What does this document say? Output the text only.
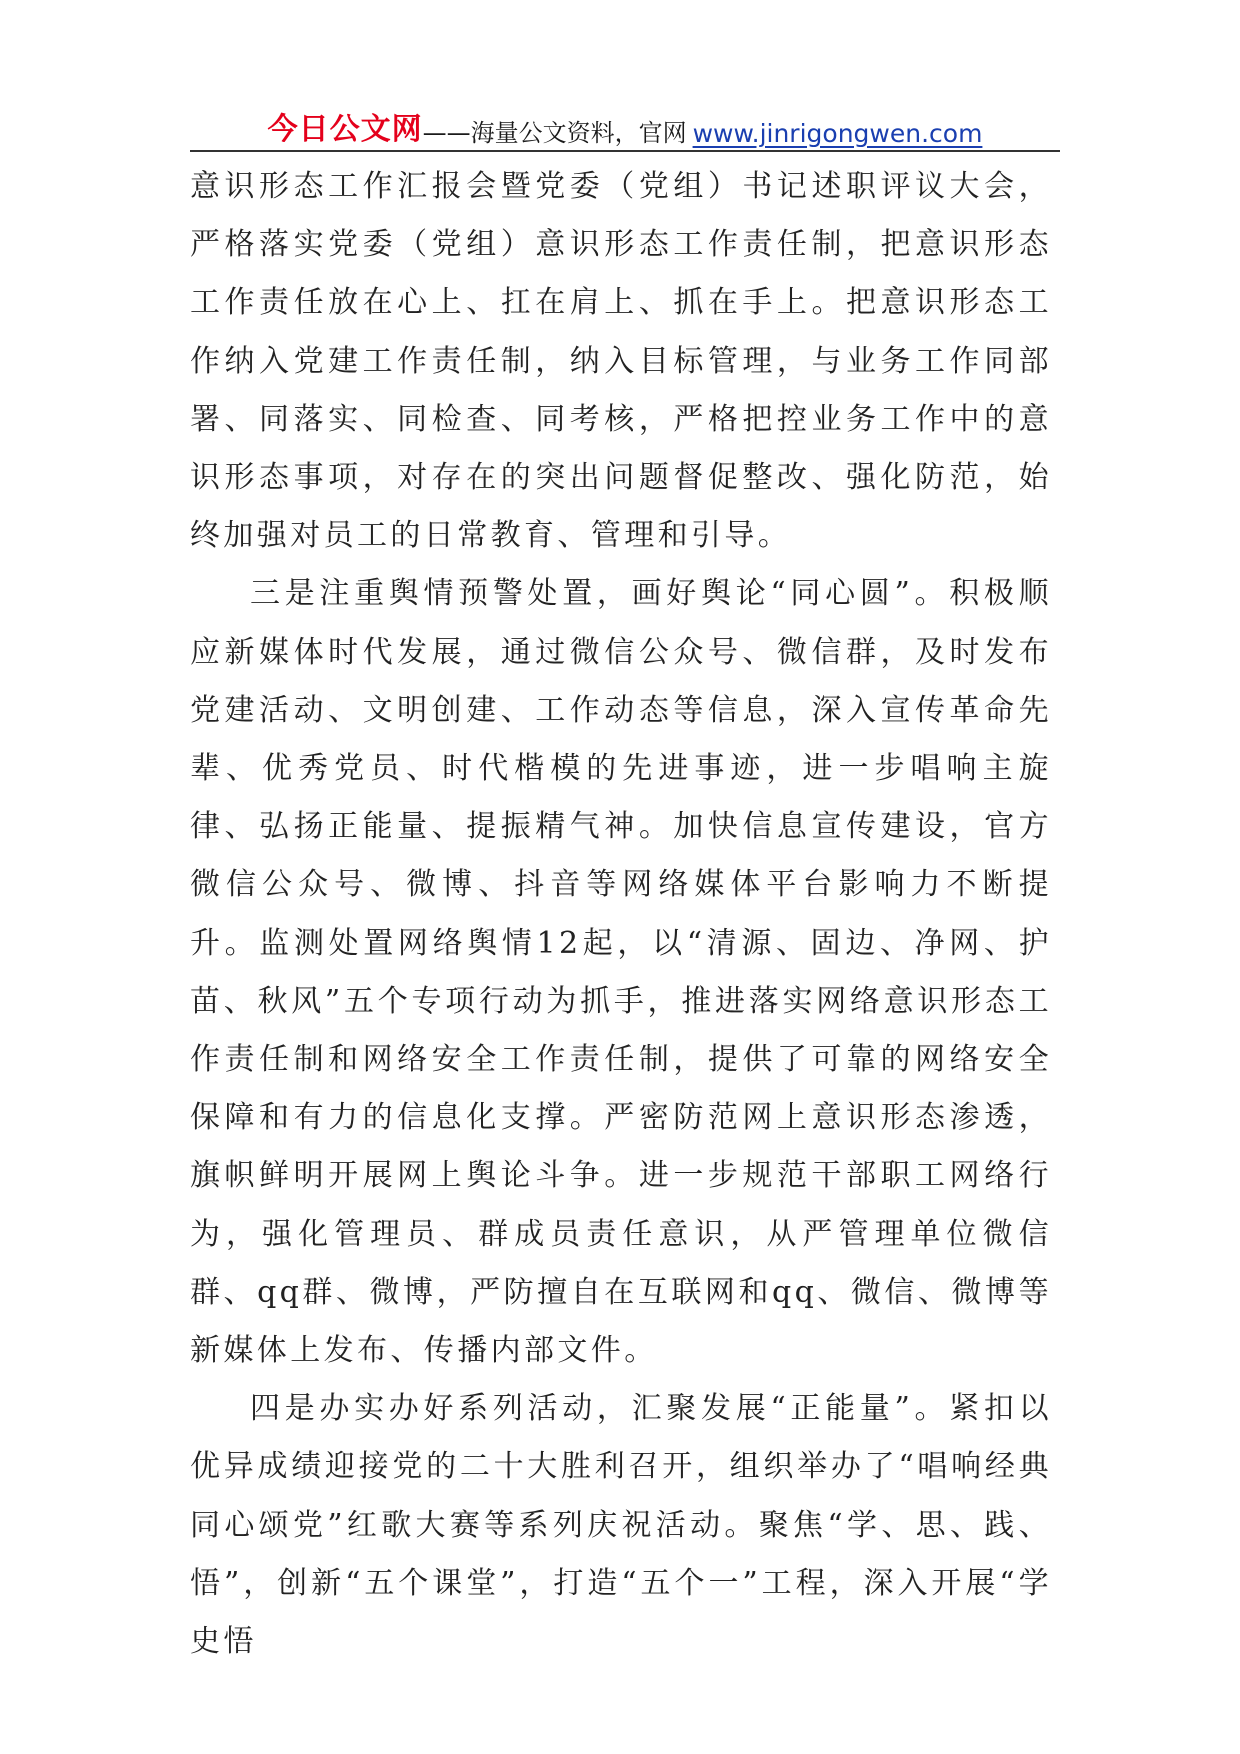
今日公文网 ——海量公文资料，官网 www.jinrigongwen.com

意识形态工作汇报会暨党委（党组）书记述职评议大会，严格落实党委（党组）意识形态工作责任制，把意识形态工作责任放在心上、扛在肩上、抓在手上。把意识形态工作纳入党建工作责任制，纳入目标管理，与业务工作同部署、同落实、同检查、同考核，严格把控业务工作中的意识形态事项，对存在的突出问题督促整改、强化防范，始终加强对员工的日常教育、管理和引导。

三是注重舆情预警处置，画好舆论“同心圆”。积极顺应新媒体时代发展，通过微信公众号、微信群，及时发布党建活动、文明创建、工作动态等信息，深入宣传革命先辈、优秀党员、时代楷模的先进事迹，进一步唱响主旋律、弘扬正能量、提振精气神。加快信息宣传建设，官方微信公众号、微博、抖音等网络媒体平台影响力不断提升。监测处置网络舆情12起，以“清源、固边、净网、护苗、秋风”五个专项行动为抓手，推进落实网络意识形态工作责任制和网络安全工作责任制，提供了可靠的网络安全保障和有力的信息化支撑。严密防范网上意识形态渗透，旗帜鲜明开展网上舆论斗争。进一步规范干部职工网络行为，强化管理员、群成员责任意识，从严管理单位微信群、qq群、微博，严防擅自在互联网和qq、微信、微博等新媒体上发布、传播内部文件。

四是办实办好系列活动，汇聚发展“正能量”。紧扣以优异成绩迎接党的二十大胜利召开，组织举办了“唱响经典同心颂党”红歌大赛等系列庆祝活动。聚焦“学、思、践、悟”，创新“五个课堂”，打造“五个一”工程，深入开展“学史悟
